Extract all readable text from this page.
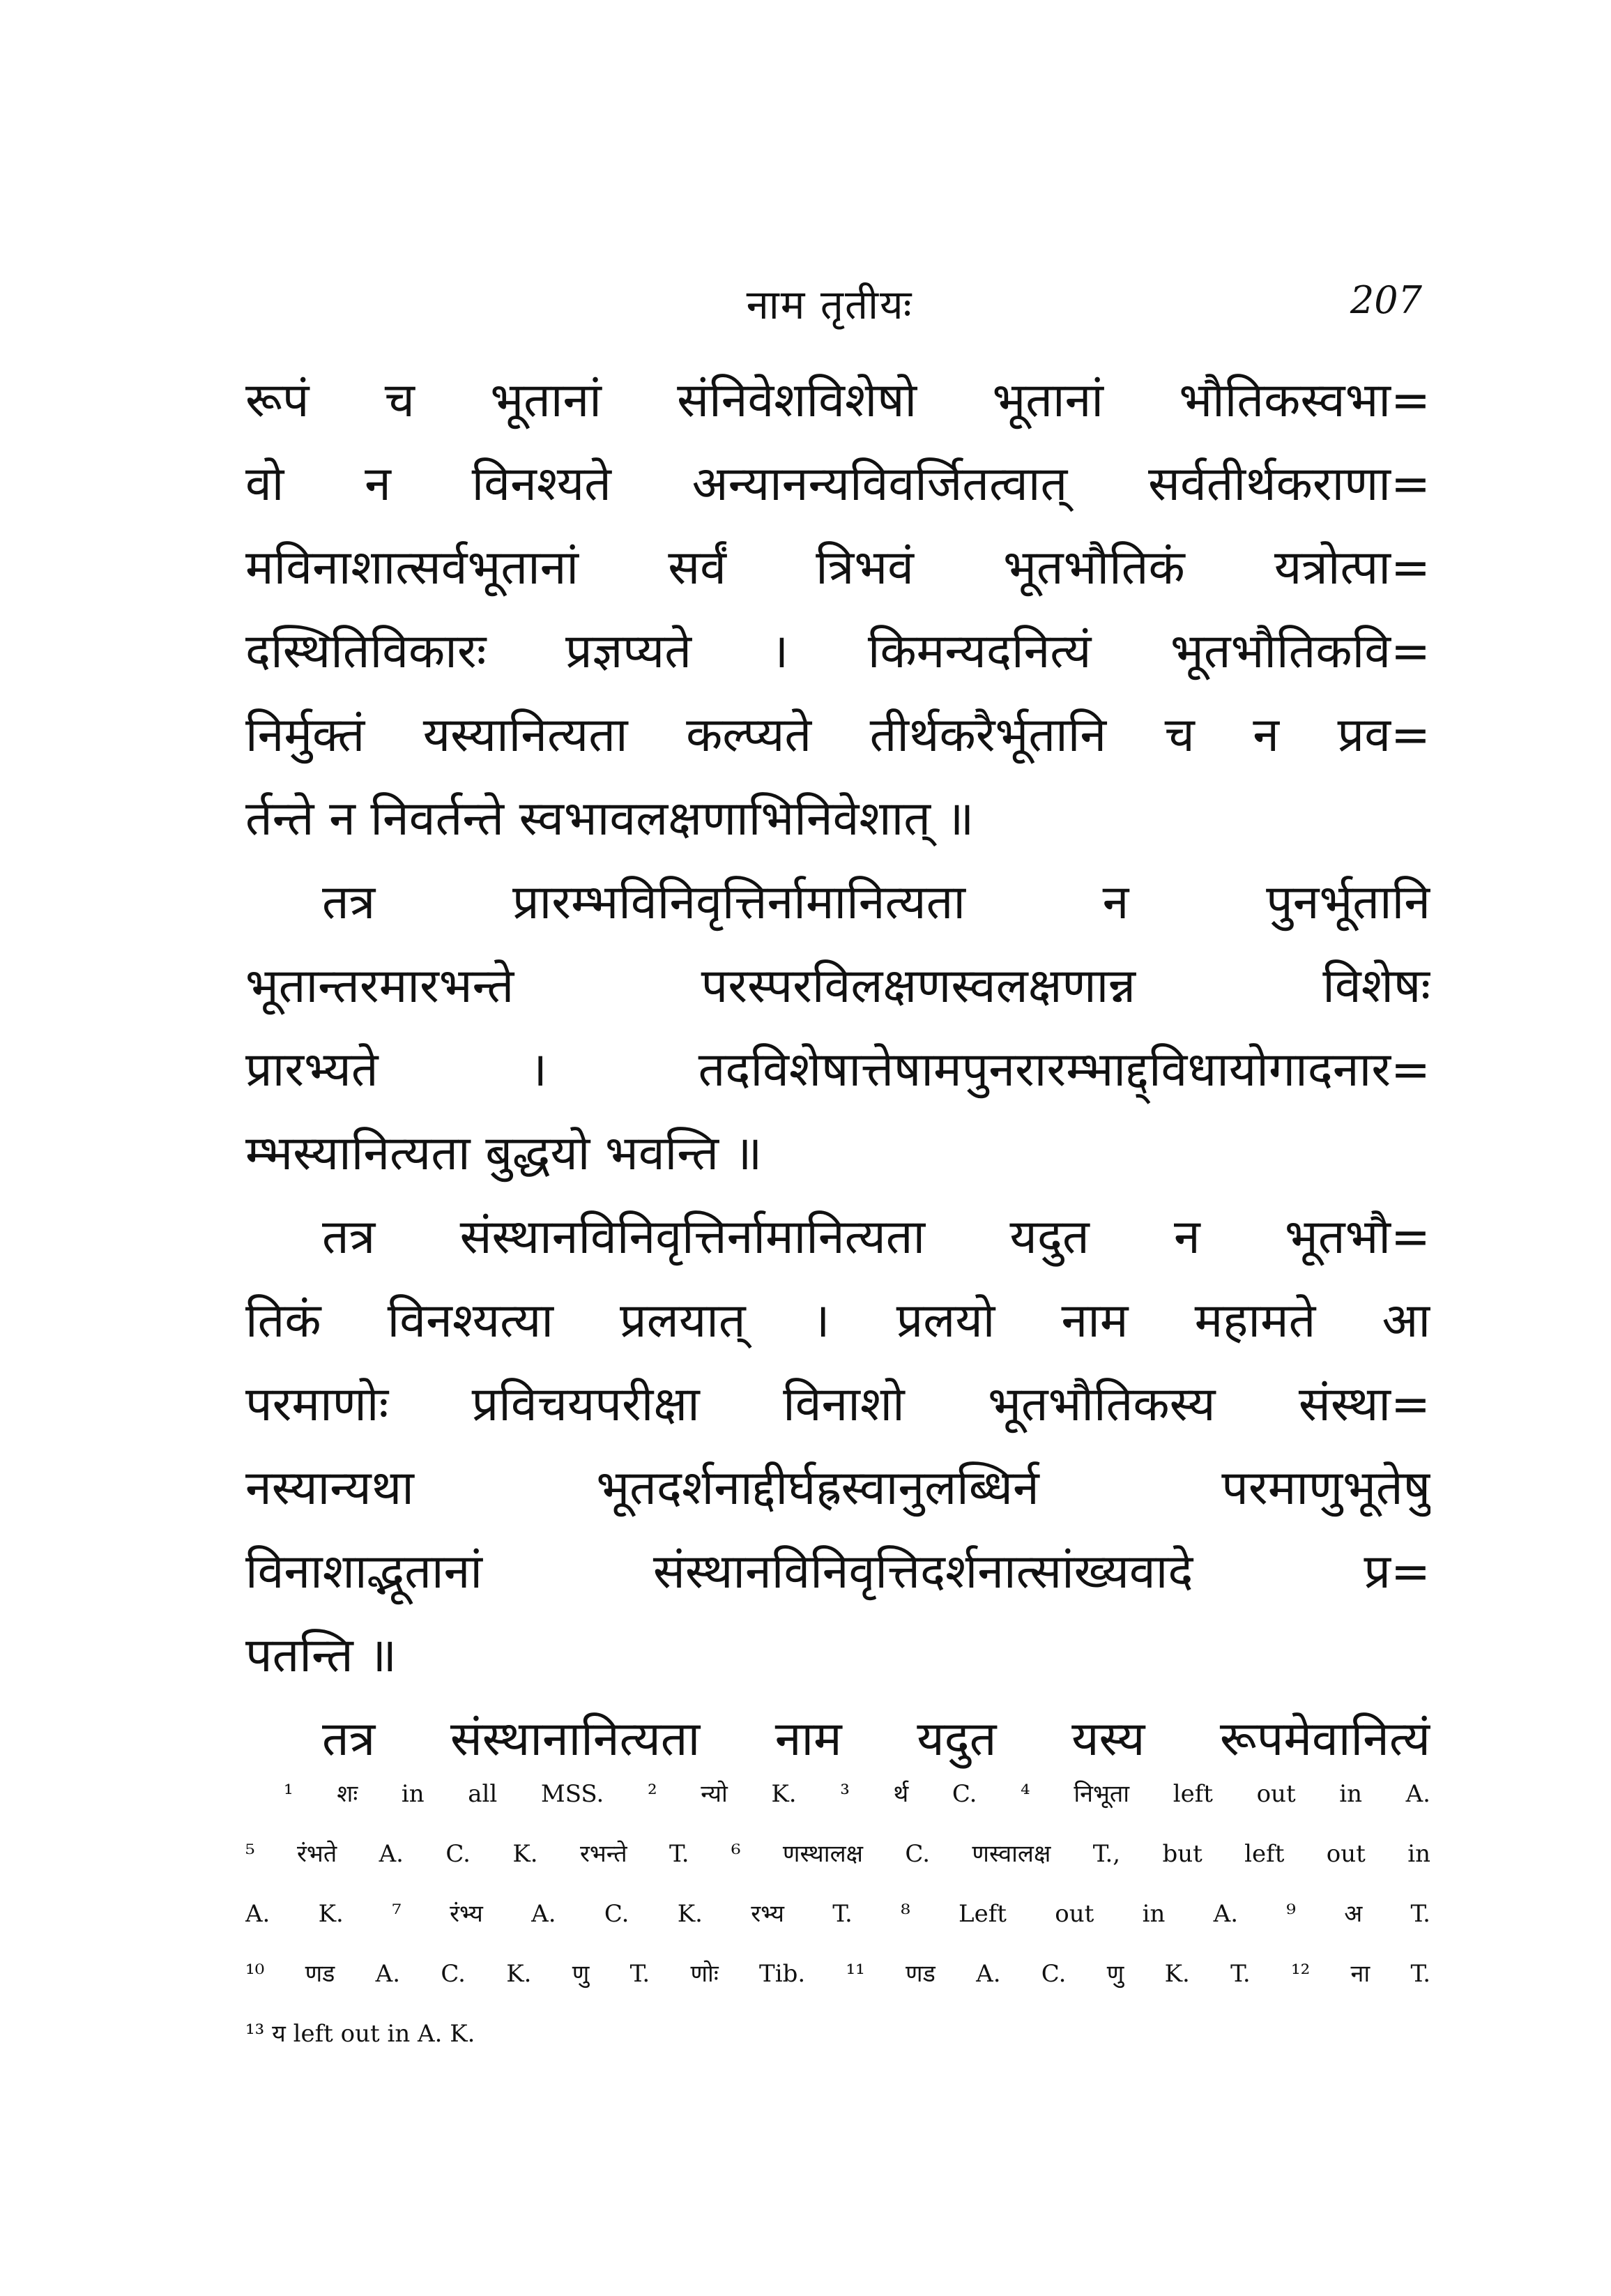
नाम तृतीयः	207
रूपं च भूतानां संनिवेशविशेषो भूतानां भौतिकस्वभा=
वो न विनश्यते अन्यानन्यविवर्जितत्वात् सर्वतीर्थकराणा=
मविनाशात्सर्वभूतानां सर्वं त्रिभवं भूतभौतिकं यत्रोत्पा=
दस्थितिविकारः प्रज्ञप्यते । किमन्यदनित्यं भूतभौतिकवि=
निर्मुक्तं यस्यानित्यता कल्प्यते तीर्थकरैर्भूतानि च न प्रव=
र्तन्ते न निवर्तन्ते स्वभावलक्षणाभिनिवेशात् ॥
तत्र प्रारम्भविनिवृत्तिर्नामानित्यता न पुनर्भूतानि
भूतान्तरमारभन्ते परस्परविलक्षणस्वलक्षणान्न विशेषः
प्रारभ्यते । तदविशेषात्तेषामपुनरारम्भाद्द्विधायोगादनार=
म्भस्यानित्यता बुद्धयो भवन्ति ॥
तत्र संस्थानविनिवृत्तिर्नामानित्यता यदुत न भूतभौ=
तिकं विनश्यत्या प्रलयात् । प्रलयो नाम महामते आ
परमाणोः प्रविचयपरीक्षा विनाशो भूतभौतिकस्य संस्था=
नस्यान्यथा भूतदर्शनाद्दीर्घह्रस्वानुलब्धिर्न परमाणुभूतेषु
विनाशाद्भूतानां संस्थानविनिवृत्तिदर्शनात्सांख्यवादे प्र=
पतन्ति ॥
तत्र संस्थानानित्यता नाम यदुत यस्य रूपमेवानित्यं
¹ शः in all MSS. ² न्यो K. ³ र्थ C. ⁴ निभूता left out in A.
⁵ रंभते A. C. K. रभन्ते T. ⁶ णस्थालक्ष C. णस्वालक्ष T., but left out in
A. K. ⁷ रंभ्य A. C. K. रभ्य T. ⁸ Left out in A. ⁹ अ T.
¹⁰ णड A. C. K. णु T. णोः Tib. ¹¹ णड A. C. णु K. T. ¹² ना T.
¹³ य left out in A. K.
